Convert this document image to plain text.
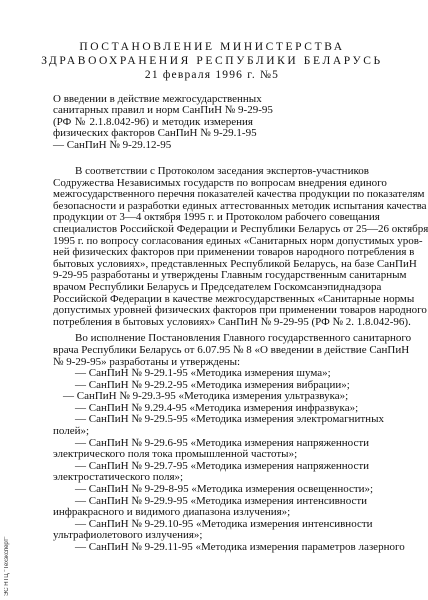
ПОСТАНОВЛЕНИЕ МИНИСТЕРСТВА
ЗДРАВООХРАНЕНИЯ РЕСПУБЛИКИ БЕЛАРУСЬ
21 февраля 1996 г. №5
О введении в действие межгосударственных
санитарных правил и норм СанПиН № 9-29-95
(РФ № 2.1.8.042-96) и методик измерения
физических факторов СанПиН № 9-29.1-95
— СанПиН № 9-29.12-95
В соответствии с Протоколом заседания экспертов-участников
Содружества Независимых государств по вопросам внедрения единого
межгосударственного перечня показателей качества продукции по показателям
безопасности и разработки единых аттестованных методик испытания качества
продукции от 3—4 октября 1995 г. и Протоколом рабочего совещания
специалистов Российской Федерации и Республики Беларусь от 25—26 октября
1995 г. по вопросу согласования единых «Санитарных норм допустимых уров-
ней физических факторов при применении товаров народного потребления в
бытовых условиях», представленных Республикой Беларусь, на базе СанПиН
9-29-95 разработаны и утверждены Главным государственным санитарным
врачом Республики Беларусь и Председателем Госкомсанэпиднадзора
Российской Федерации в качестве межгосударственных «Санитарные нормы
допустимых уровней физических факторов при применении товаров народного
потребления в бытовых условиях» СанПиН № 9-29-95 (РФ № 2. 1.8.042-96).
Во исполнение Постановления Главного государственного санитарного
врача Республики Беларусь от 6.07.95 № 8 «О введении в действие СанПиН
№ 9-29-95» разработаны и утверждены:
— СанПиН № 9-29.1-95 «Методика измерения шума»;
— СанПиН № 9-29.2-95 «Методика измерения вибрации»;
— СанПиН № 9-29.3-95 «Методика измерения ультразвука»;
— СанПиН № 9.29.4-95 «Методика измерения инфразвука»;
— СанПиН № 9-29.5-95 «Методика измерения электромагнитных
полей»;
— СанПиН № 9-29.6-95 «Методика измерения напряженности
электрического поля тока промышленной частоты»;
— СанПиН № 9-29.7-95 «Методика измерения напряженности
электростатического поля»;
— СанПиН № 9-29-8-95 «Методика измерения освещенности»;
— СанПиН № 9-29.9-95 «Методика измерения интенсивности
инфракрасного и видимого диапазона излучения»;
— СанПиН № 9-29.10-95 «Методика измерения интенсивности
ультрафиолетового излучения»;
— СанПиН № 9-29.11-95 «Методика измерения параметров лазерного
ЭС НТЦ "Техэксперт"
